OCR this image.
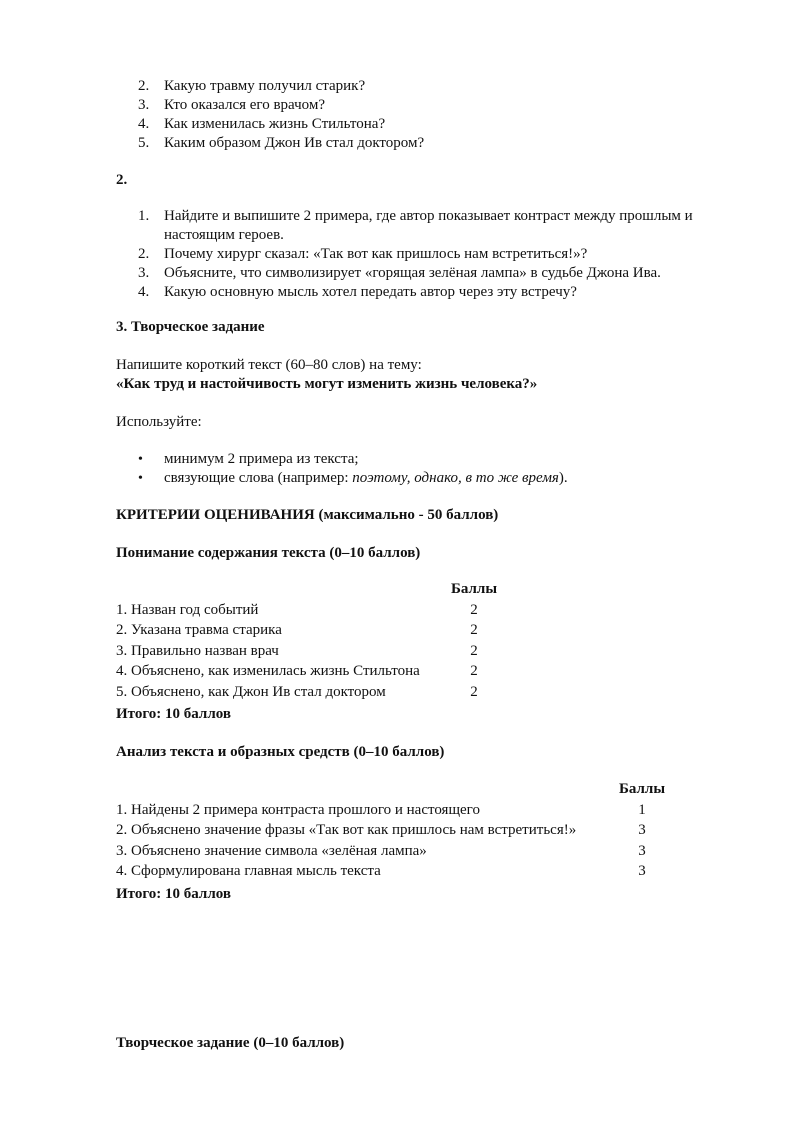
2. Какую травму получил старик?
3. Кто оказался его врачом?
4. Как изменилась жизнь Стильтона?
5. Каким образом Джон Ив стал доктором?
2.
1. Найдите и выпишите 2 примера, где автор показывает контраст между прошлым и настоящим героев.
2. Почему хирург сказал: «Так вот как пришлось нам встретиться!»?
3. Объясните, что символизирует «горящая зелёная лампа» в судьбе Джона Ива.
4. Какую основную мысль хотел передать автор через эту встречу?
3. Творческое задание
Напишите короткий текст (60–80 слов) на тему:
«Как труд и настойчивость могут изменить жизнь человека?»
Используйте:
• минимум 2 примера из текста;
• связующие слова (например: поэтому, однако, в то же время).
КРИТЕРИИ ОЦЕНИВАНИЯ (максимально - 50 баллов)
Понимание содержания текста (0–10 баллов)
	Баллы
1. Назван год событий	2
2. Указана травма старика	2
3. Правильно назван врач	2
4. Объяснено, как изменилась жизнь Стильтона	2
5. Объяснено, как Джон Ив стал доктором	2
Итого: 10 баллов
Анализ текста и образных средств (0–10 баллов)
	Баллы
1. Найдены 2 примера контраста прошлого и настоящего	1
2. Объяснено значение фразы «Так вот как пришлось нам встретиться!»	3
3. Объяснено значение символа «зелёная лампа»	3
4. Сформулирована главная мысль текста	3
Итого: 10 баллов
Творческое задание (0–10 баллов)
